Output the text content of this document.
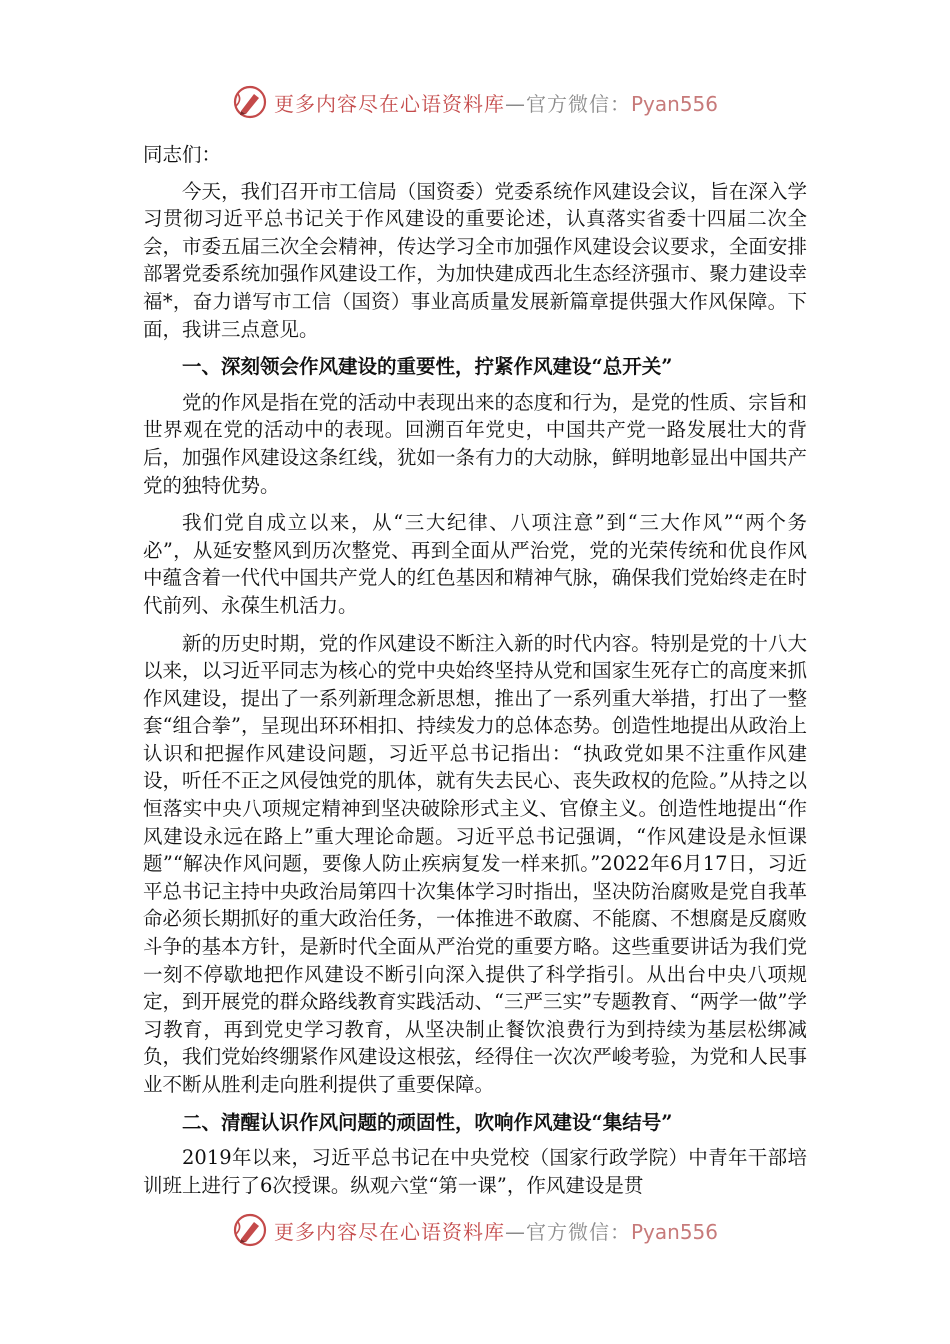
更多内容尽在心语资料库—官方微信：Pyan556

同志们：

今天，我们召开市工信局（国资委）党委系统作风建设会议，旨在深入学习贯彻习近平总书记关于作风建设的重要论述，认真落实省委十四届二次全会，市委五届三次全会精神，传达学习全市加强作风建设会议要求，全面安排部署党委系统加强作风建设工作，为加快建成西北生态经济强市、聚力建设幸福*，奋力谱写市工信（国资）事业高质量发展新篇章提供强大作风保障。下面，我讲三点意见。

一、深刻领会作风建设的重要性，拧紧作风建设“总开关”

党的作风是指在党的活动中表现出来的态度和行为，是党的性质、宗旨和世界观在党的活动中的表现。回溯百年党史，中国共产党一路发展壮大的背后，加强作风建设这条红线，犹如一条有力的大动脉，鲜明地彰显出中国共产党的独特优势。

我们党自成立以来，从“三大纪律、八项注意”到“三大作风”“两个务必”，从延安整风到历次整党、再到全面从严治党，党的光荣传统和优良作风中蕴含着一代代中国共产党人的红色基因和精神气脉，确保我们党始终走在时代前列、永葆生机活力。

新的历史时期，党的作风建设不断注入新的时代内容。特别是党的十八大以来，以习近平同志为核心的党中央始终坚持从党和国家生死存亡的高度来抓作风建设，提出了一系列新理念新思想，推出了一系列重大举措，打出了一整套“组合拳”，呈现出环环相扣、持续发力的总体态势。创造性地提出从政治上认识和把握作风建设问题，习近平总书记指出：“执政党如果不注重作风建设，听任不正之风侵蚀党的肌体，就有失去民心、丧失政权的危险。”从持之以恒落实中央八项规定精神到坚决破除形式主义、官僚主义。创造性地提出“作风建设永远在路上”重大理论命题。习近平总书记强调，“作风建设是永恒课题”“解决作风问题，要像人防止疾病复发一样来抓。”2022年6月17日，习近平总书记主持中央政治局第四十次集体学习时指出，坚决防治腐败是党自我革命必须长期抓好的重大政治任务，一体推进不敢腐、不能腐、不想腐是反腐败斗争的基本方针，是新时代全面从严治党的重要方略。这些重要讲话为我们党一刻不停歇地把作风建设不断引向深入提供了科学指引。从出台中央八项规定，到开展党的群众路线教育实践活动、“三严三实”专题教育、“两学一做”学习教育，再到党史学习教育，从坚决制止餐饮浪费行为到持续为基层松绑减负，我们党始终绷紧作风建设这根弦，经得住一次次严峻考验，为党和人民事业不断从胜利走向胜利提供了重要保障。

二、清醒认识作风问题的顽固性，吹响作风建设“集结号”

2019年以来，习近平总书记在中央党校（国家行政学院）中青年干部培训班上进行了6次授课。纵观六堂“第一课”，作风建设是贯

更多内容尽在心语资料库—官方微信：Pyan556
